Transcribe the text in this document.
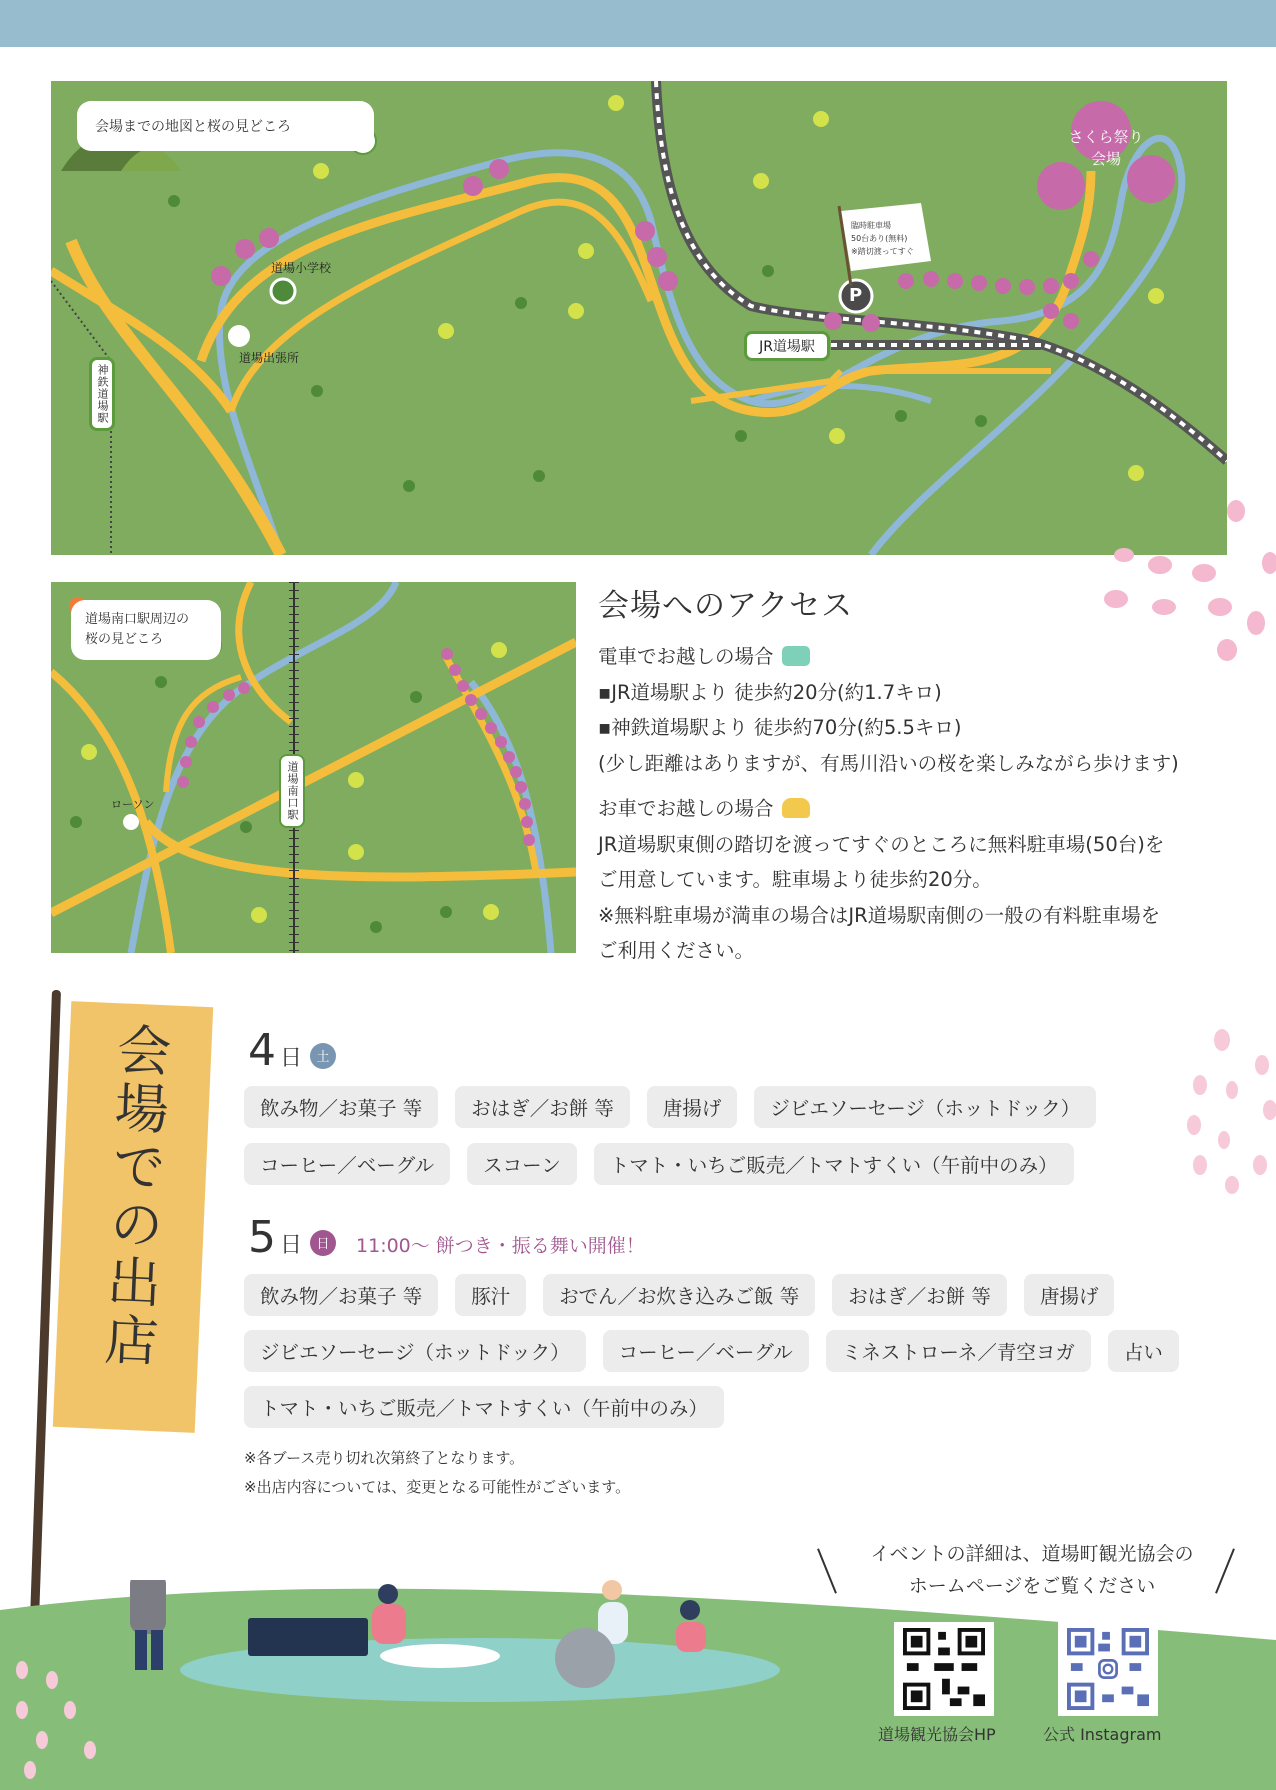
会場までの地図と桜の見どころ
道場小学校
道場出張所
JR道場駅
神鉄道場駅
さくら祭り
会場
臨時駐車場
50台あり(無料)
※踏切渡ってすぐ
P
道場南口駅周辺の
桜の見どころ
ローソン	道場南口駅
会場へのアクセス

電車でお越しの場合

▪JR道場駅より 徒歩約20分(約1.7キロ)

▪神鉄道場駅より 徒歩約70分(約5.5キロ)

(少し距離はありますが、有馬川沿いの桜を楽しみながら歩けます)

お車でお越しの場合

JR道場駅東側の踏切を渡ってすぐのところに無料駐車場(50台)を

ご用意しています。駐車場より徒歩約20分。

※無料駐車場が満車の場合はJR道場駅南側の一般の有料駐車場を

ご利用ください。

会場での出店 4 日	土
飲み物／お菓子 等	おはぎ／お餅 等	唐揚げ	ジビエソーセージ（ホットドック）
コーヒー／ベーグル	スコーン	トマト・いちご販売／トマトすくい（午前中のみ）
5 日	日	11:00～ 餅つき・振る舞い開催！
飲み物／お菓子 等	豚汁	おでん／お炊き込みご飯 等	おはぎ／お餅 等	唐揚げ
ジビエソーセージ（ホットドック）	コーヒー／ベーグル	ミネストローネ／青空ヨガ	占い
トマト・いちご販売／トマトすくい（午前中のみ）
※各ブース売り切れ次第終了となります。
※出店内容については、変更となる可能性がございます。
イベントの詳細は、道場町観光協会の
ホームページをご覧ください
道場観光協会HP	公式 Instagram
